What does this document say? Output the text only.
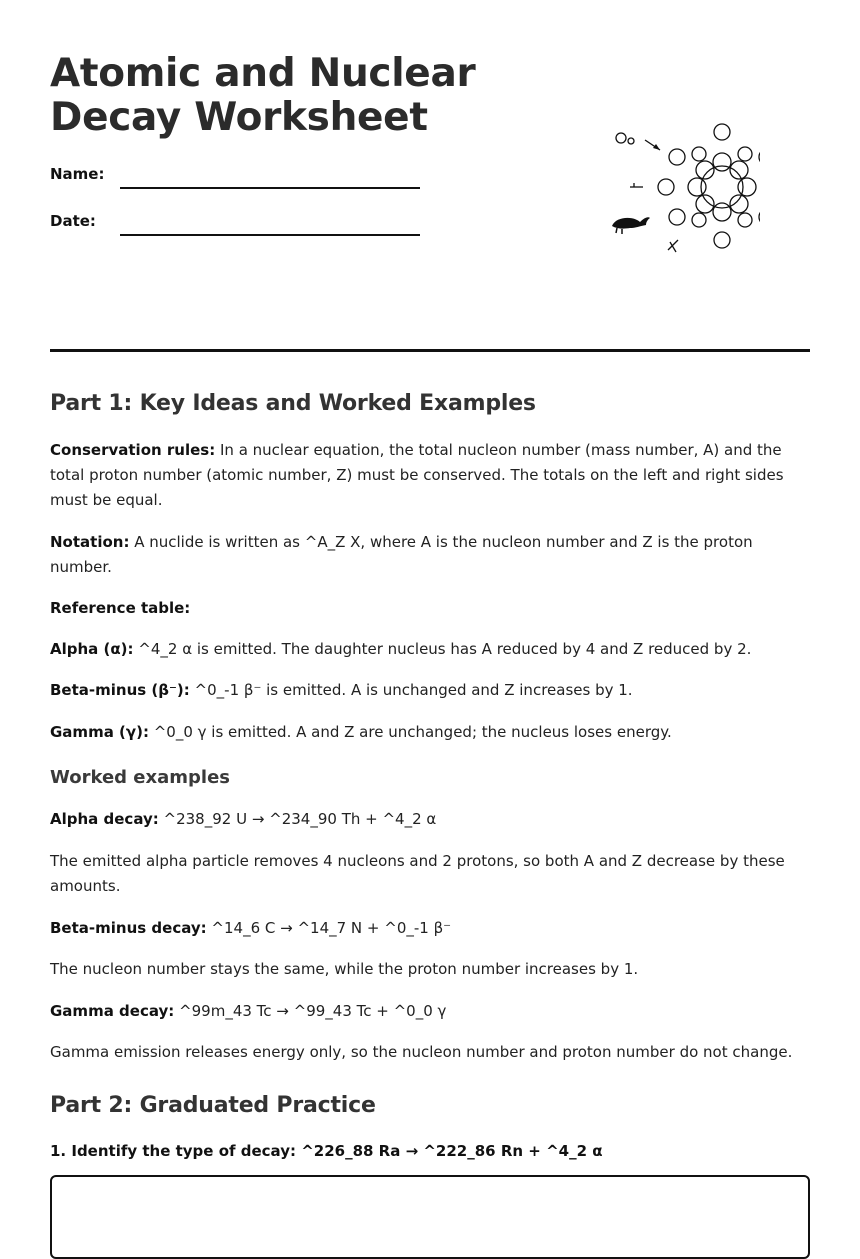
Atomic and Nuclear
Decay Worksheet
Name:
Date:
Part 1: Key Ideas and Worked Examples

Conservation rules: In a nuclear equation, the total nucleon number (mass number, A) and the total proton number (atomic number, Z) must be conserved. The totals on the left and right sides must be equal.

Notation: A nuclide is written as ^A_Z X, where A is the nucleon number and Z is the proton number.

Reference table:

Alpha (α): ^4_2 α is emitted. The daughter nucleus has A reduced by 4 and Z reduced by 2.

Beta-minus (β⁻): ^0_-1 β⁻ is emitted. A is unchanged and Z increases by 1.

Gamma (γ): ^0_0 γ is emitted. A and Z are unchanged; the nucleus loses energy.

Worked examples

Alpha decay: ^238_92 U → ^234_90 Th + ^4_2 α

The emitted alpha particle removes 4 nucleons and 2 protons, so both A and Z decrease by these amounts.

Beta-minus decay: ^14_6 C → ^14_7 N + ^0_-1 β⁻

The nucleon number stays the same, while the proton number increases by 1.

Gamma decay: ^99m_43 Tc → ^99_43 Tc + ^0_0 γ

Gamma emission releases energy only, so the nucleon number and proton number do not change.

Part 2: Graduated Practice

1. Identify the type of decay: ^226_88 Ra → ^222_86 Rn + ^4_2 α
